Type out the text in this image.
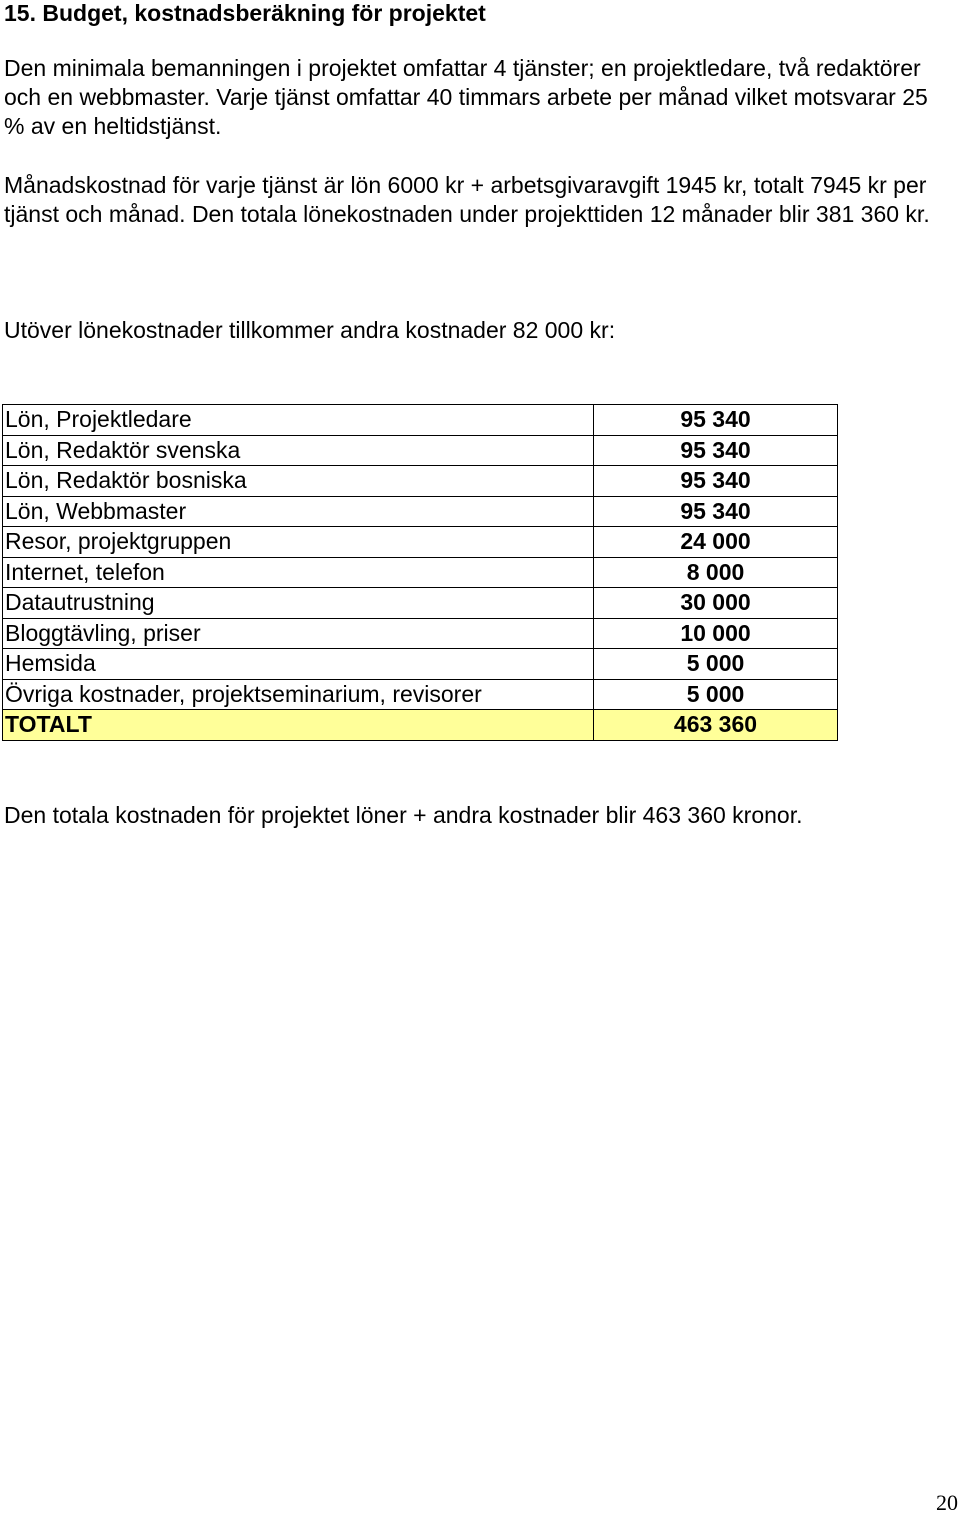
15. Budget, kostnadsberäkning för projektet

Den minimala bemanningen i projektet omfattar 4 tjänster; en projektledare, två redaktörer och en webbmaster. Varje tjänst omfattar 40 timmars arbete per månad vilket motsvarar 25 % av en heltidstjänst.

Månadskostnad för varje tjänst är lön 6000 kr + arbetsgivaravgift 1945 kr, totalt 7945 kr per tjänst och månad. Den totala lönekostnaden under projekttiden 12 månader blir 381 360 kr.

Utöver lönekostnader tillkommer andra kostnader 82 000 kr:

Lön, Projektledare	95 340
Lön, Redaktör svenska	95 340
Lön, Redaktör bosniska	95 340
Lön, Webbmaster	95 340
Resor, projektgruppen	24 000
Internet, telefon	8 000
Datautrustning	30 000
Bloggtävling, priser	10 000
Hemsida	5 000
Övriga kostnader, projektseminarium, revisorer	5 000
TOTALT	463 360

Den totala kostnaden för projektet löner + andra kostnader blir 463 360 kronor.

20
